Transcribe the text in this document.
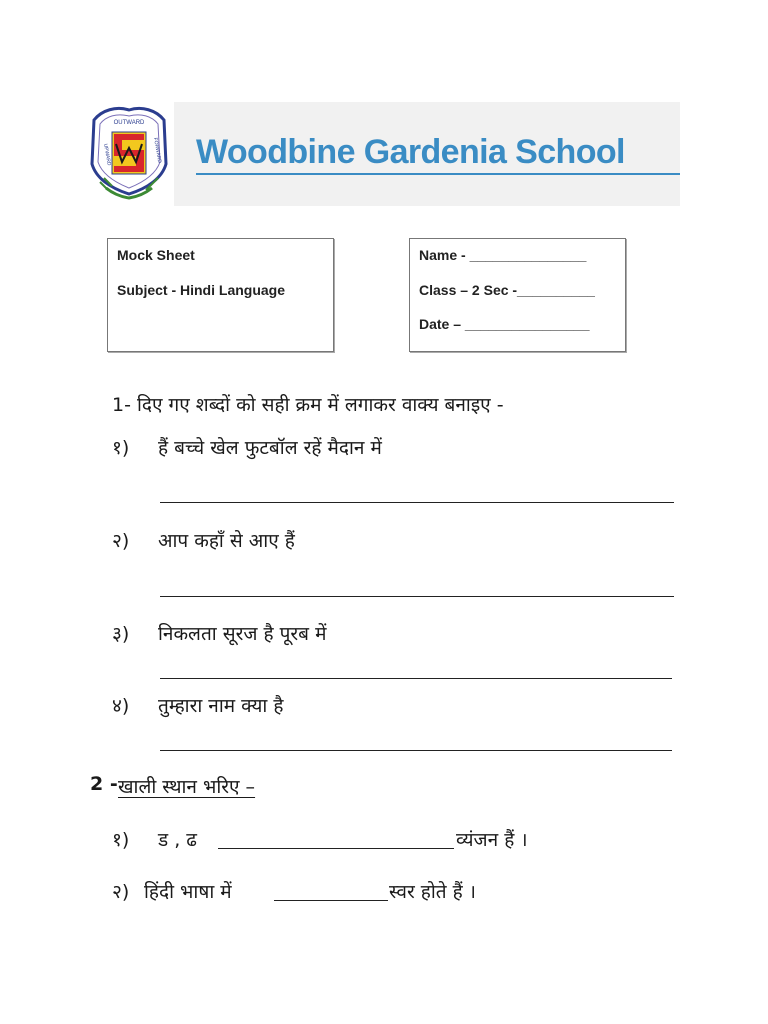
OUTWARD
UPWARD	FORWARD Woodbine Gardenia School
Mock Sheet
Subject - Hindi Language
Name - _______________
Class – 2 Sec -__________
Date – ________________
1- दिए गए शब्दों को सही क्रम में लगाकर वाक्य बनाइए -
१) हैं बच्चे खेल फुटबॉल रहें मैदान में
२) आप कहाँ से आए हैं
३) निकलता सूरज है पूरब में
४) तुम्हारा नाम क्या है
2 - खाली स्थान भरिए –
१) ड , ढ	व्यंजन हैं ।
२) हिंदी भाषा में	स्वर होते हैं ।
